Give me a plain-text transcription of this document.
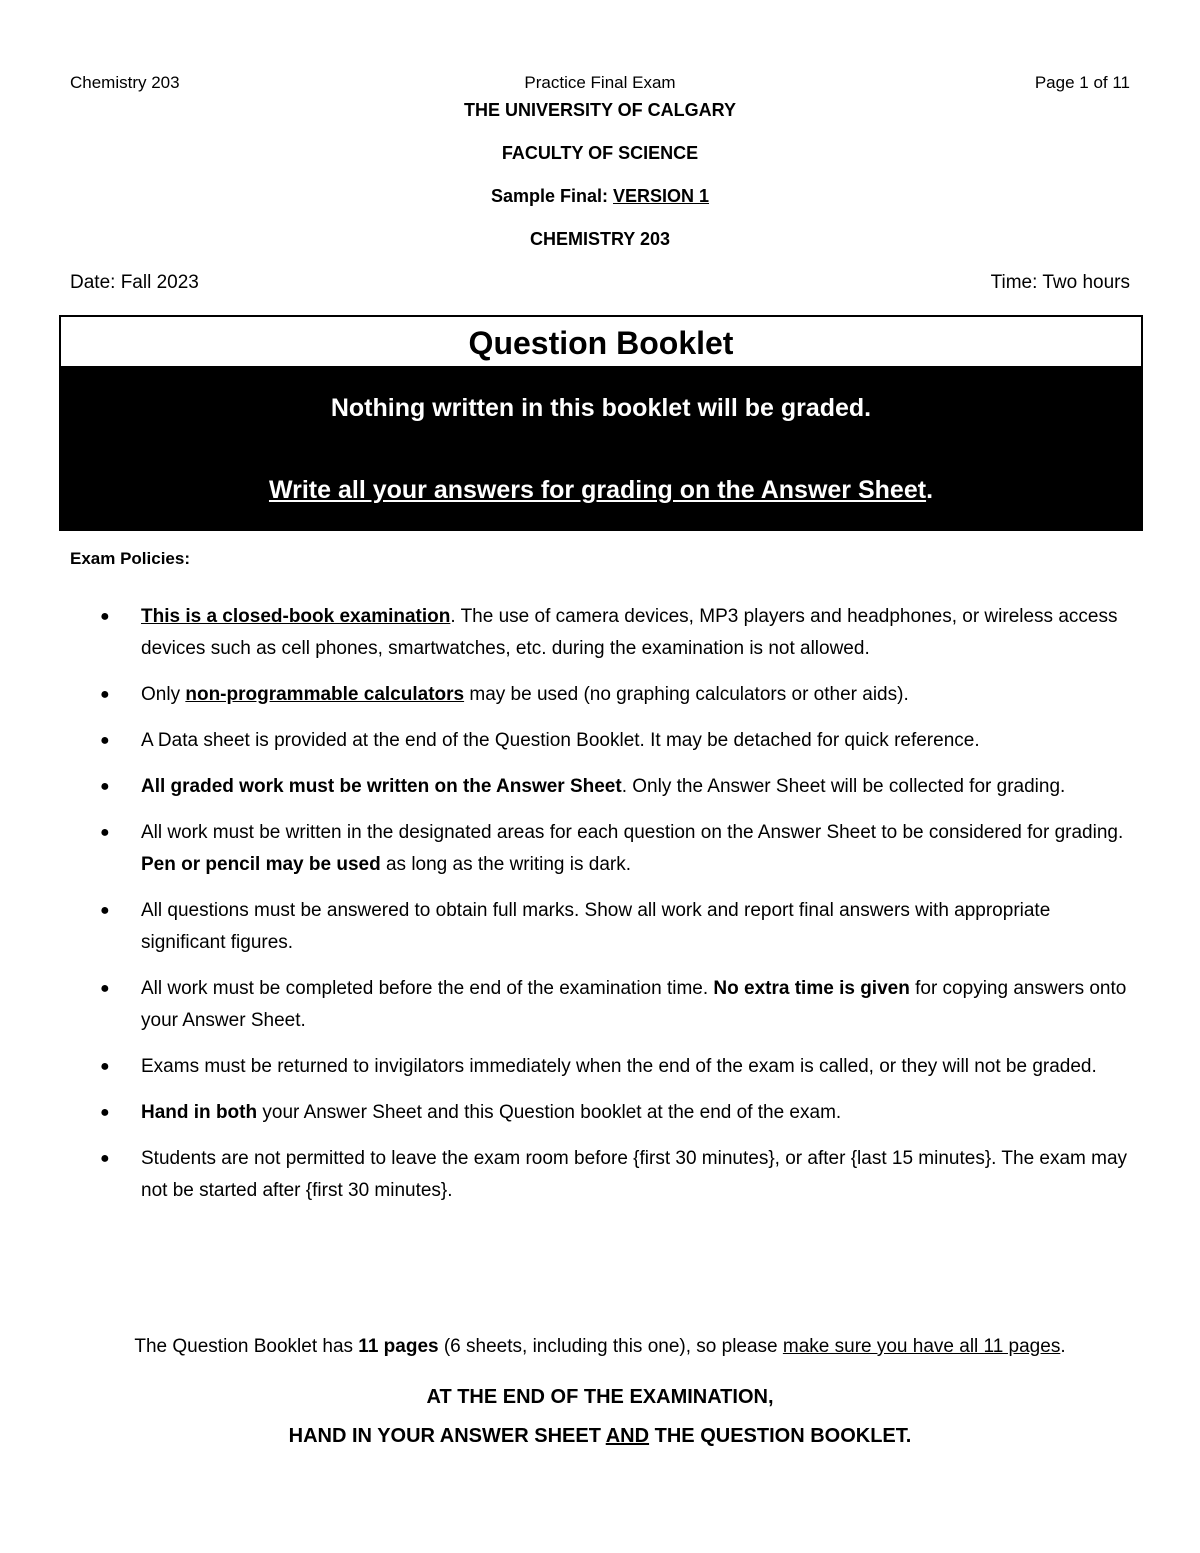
Chemistry 203	Practice Final Exam	Page 1 of 11
THE UNIVERSITY OF CALGARY
FACULTY OF SCIENCE
Sample Final: VERSION 1
CHEMISTRY 203
Date: Fall 2023	Time: Two hours
Question Booklet
Nothing written in this booklet will be graded.
Write all your answers for grading on the Answer Sheet.
Exam Policies:
● This is a closed-book examination. The use of camera devices, MP3 players and headphones, or wireless access devices such as cell phones, smartwatches, etc. during the examination is not allowed.
● Only non-programmable calculators may be used (no graphing calculators or other aids).
● A Data sheet is provided at the end of the Question Booklet. It may be detached for quick reference.
● All graded work must be written on the Answer Sheet. Only the Answer Sheet will be collected for grading.
● All work must be written in the designated areas for each question on the Answer Sheet to be considered for grading. Pen or pencil may be used as long as the writing is dark.
● All questions must be answered to obtain full marks. Show all work and report final answers with appropriate significant figures.
● All work must be completed before the end of the examination time. No extra time is given for copying answers onto your Answer Sheet.
● Exams must be returned to invigilators immediately when the end of the exam is called, or they will not be graded.
● Hand in both your Answer Sheet and this Question booklet at the end of the exam.
● Students are not permitted to leave the exam room before {first 30 minutes}, or after {last 15 minutes}. The exam may not be started after {first 30 minutes}.
The Question Booklet has 11 pages (6 sheets, including this one), so please make sure you have all 11 pages.
AT THE END OF THE EXAMINATION,
HAND IN YOUR ANSWER SHEET AND THE QUESTION BOOKLET.
